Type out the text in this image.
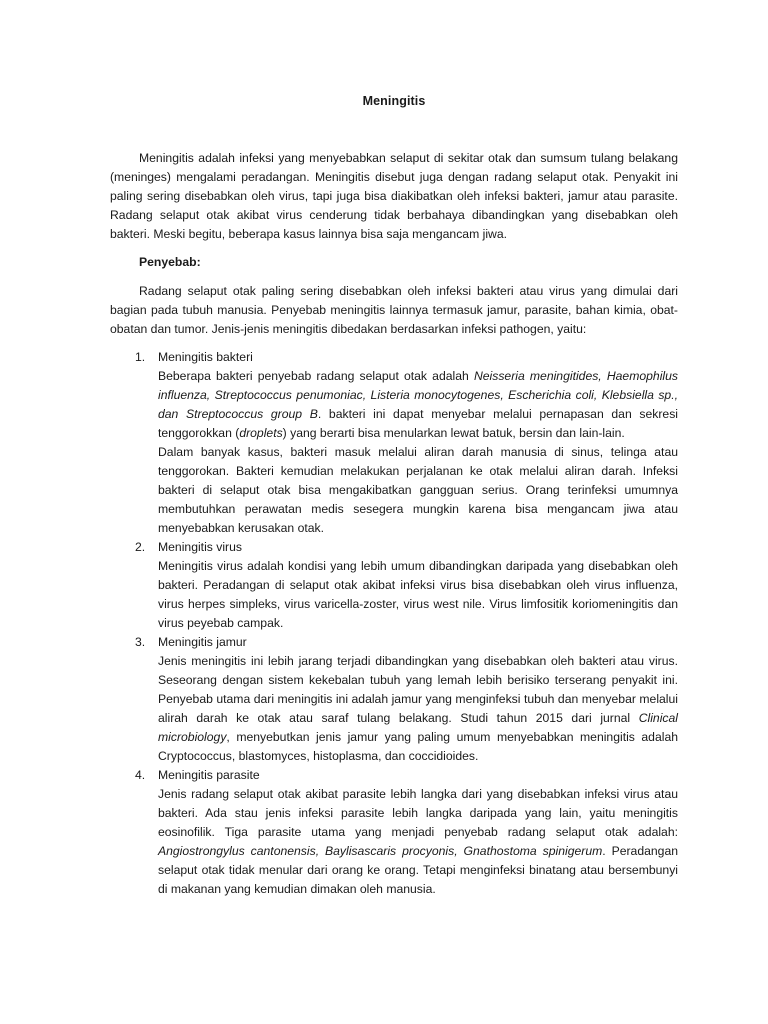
Meningitis

Meningitis adalah infeksi yang menyebabkan selaput di sekitar otak dan sumsum tulang belakang (meninges) mengalami peradangan. Meningitis disebut juga dengan radang selaput otak. Penyakit ini paling sering disebabkan oleh virus, tapi juga bisa diakibatkan oleh infeksi bakteri, jamur atau parasite. Radang selaput otak akibat virus cenderung tidak berbahaya dibandingkan yang disebabkan oleh bakteri. Meski begitu, beberapa kasus lainnya bisa saja mengancam jiwa.

Penyebab:

Radang selaput otak paling sering disebabkan oleh infeksi bakteri atau virus yang dimulai dari bagian pada tubuh manusia. Penyebab meningitis lainnya termasuk jamur, parasite, bahan kimia, obat-obatan dan tumor. Jenis-jenis meningitis dibedakan berdasarkan infeksi pathogen, yaitu:

1. Meningitis bakteri

Beberapa bakteri penyebab radang selaput otak adalah Neisseria meningitides, Haemophilus influenza, Streptococcus penumoniac, Listeria monocytogenes, Escherichia coli, Klebsiella sp., dan Streptococcus group B. bakteri ini dapat menyebar melalui pernapasan dan sekresi tenggorokkan (droplets) yang berarti bisa menularkan lewat batuk, bersin dan lain-lain.

Dalam banyak kasus, bakteri masuk melalui aliran darah manusia di sinus, telinga atau tenggorokan. Bakteri kemudian melakukan perjalanan ke otak melalui aliran darah. Infeksi bakteri di selaput otak bisa mengakibatkan gangguan serius. Orang terinfeksi umumnya membutuhkan perawatan medis sesegera mungkin karena bisa mengancam jiwa atau menyebabkan kerusakan otak.

2. Meningitis virus

Meningitis virus adalah kondisi yang lebih umum dibandingkan daripada yang disebabkan oleh bakteri. Peradangan di selaput otak akibat infeksi virus bisa disebabkan oleh virus influenza, virus herpes simpleks, virus varicella-zoster, virus west nile. Virus limfositik koriomeningitis dan virus peyebab campak.

3. Meningitis jamur

Jenis meningitis ini lebih jarang terjadi dibandingkan yang disebabkan oleh bakteri atau virus. Seseorang dengan sistem kekebalan tubuh yang lemah lebih berisiko terserang penyakit ini. Penyebab utama dari meningitis ini adalah jamur yang menginfeksi tubuh dan menyebar melalui alirah darah ke otak atau saraf tulang belakang. Studi tahun 2015 dari jurnal Clinical microbiology, menyebutkan jenis jamur yang paling umum menyebabkan meningitis adalah Cryptococcus, blastomyces, histoplasma, dan coccidioides.

4. Meningitis parasite

Jenis radang selaput otak akibat parasite lebih langka dari yang disebabkan infeksi virus atau bakteri. Ada stau jenis infeksi parasite lebih langka daripada yang lain, yaitu meningitis eosinofilik. Tiga parasite utama yang menjadi penyebab radang selaput otak adalah: Angiostrongylus cantonensis, Baylisascaris procyonis, Gnathostoma spinigerum. Peradangan selaput otak tidak menular dari orang ke orang. Tetapi menginfeksi binatang atau bersembunyi di makanan yang kemudian dimakan oleh manusia.
